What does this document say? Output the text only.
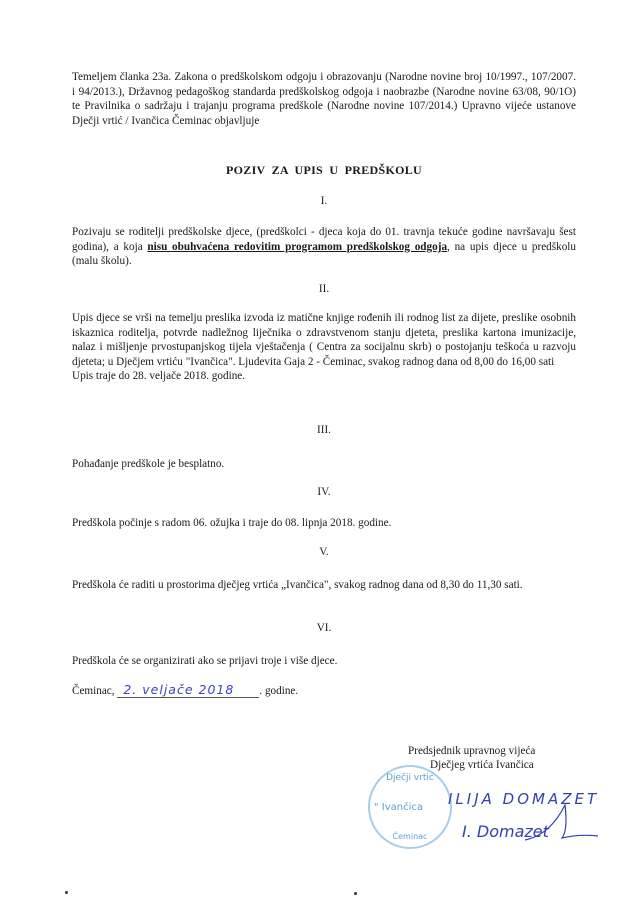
Temeljem članka 23a. Zakona o predškolskom odgoju i obrazovanju (Narodne novine broj 10/1997., 107/2007. i 94/2013.), Državnog pedagoškog standarda predškolskog odgoja i naobrazbe (Narodne novine 63/08, 90/1O) te Pravilnika o sadržaju i trajanju programa predškole (Narodne novine 107/2014.) Upravno vijeće ustanove Dječji vrtić / Ivančica Čeminac objavljuje
POZIV ZA UPIS U PREDŠKOLU
I.
Pozivaju se roditelji predškolske djece, (predškolci - djeca koja do 01. travnja tekuće godine navršavaju šest godina), a koja nisu obuhvaćena redovitim programom predškolskog odgoja, na upis djece u predškolu (malu školu).
II.
Upis djece se vrši na temelju preslika izvoda iz matične knjige rođenih ili rodnog list za dijete, preslike osobnih iskaznica roditelja, potvrde nadležnog liječnika o zdravstvenom stanju djeteta, preslika kartona imunizacije, nalaz i mišljenje prvostupanjskog tijela vještačenja ( Centra za socijalnu skrb) o postojanju teškoća u razvoju djeteta; u Dječjem vrtiću "Ivančica". Ljudevita Gaja 2 - Čeminac, svakog radnog dana od 8,00 do 16,00 sati
Upis traje do 28. veljače 2018. godine.
III.
Pohađanje predškole je besplatno.
IV.
Predškola počinje s radom 06. ožujka i traje do 08. lipnja 2018. godine.
V.
Predškola će raditi u prostorima dječjeg vrtića „Ivančica", svakog radnog dana od 8,30 do 11,30 sati.
VI.
Predškola će se organizirati ako se prijavi troje i više djece.
Čeminac, 2. veljače 2018 . godine.
Predsjednik upravnog vijeća
Dječjeg vrtića Ivančica
Dječji vrtić
" Ivančica
Čeminac
ILIJA DOMAZET
I. Domazet
